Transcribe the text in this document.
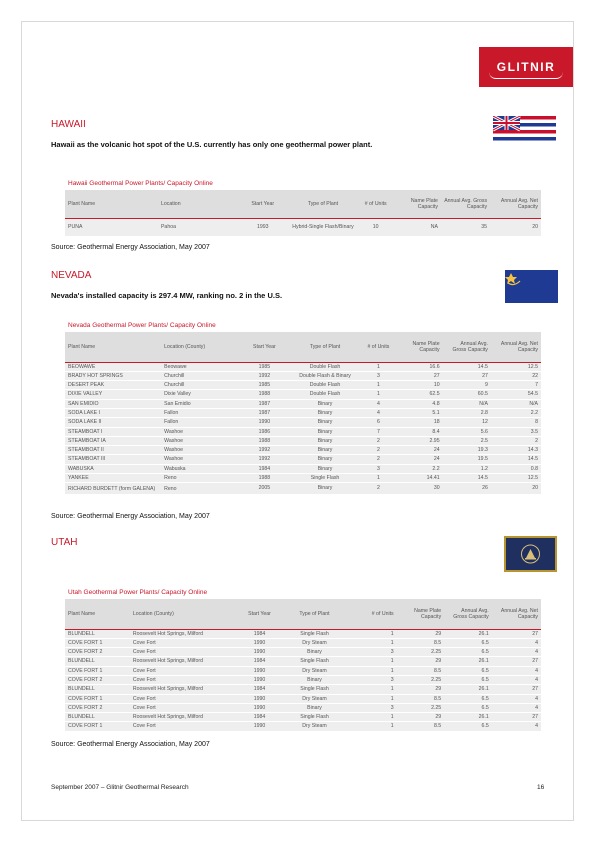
GLITNIR
HAWAII
Hawaii as the volcanic hot spot of the U.S. currently has only one geothermal power plant.
Hawaii Geothermal Power Plants/ Capacity Online
Plant Name	Location	Start Year	Type of Plant	# of Units	Name Plate Capacity	Annual Avg. Gross Capacity	Annual Avg. Net Capacity
PUNA	Pahoa	1993	Hybrid-Single Flash/Binary	10	NA	35	20
Source: Geothermal Energy Association, May 2007
NEVADA
Nevada's installed capacity is 297.4 MW, ranking no. 2 in the U.S.
Nevada Geothermal Power Plants/ Capacity Online
Plant Name	Location (County)	Start Year	Type of Plant	# of Units	Name Plate Capacity	Annual Avg. Gross Capacity	Annual Avg. Net Capacity
BEOWAWE	Beowawe	1985	Double Flash	1	16.6	14.5	12.5
BRADY HOT SPRINGS	Churchill	1992	Double Flash & Binary	3	27	27	22
DESERT PEAK	Churchill	1985	Double Flash	1	10	9	7
DIXIE VALLEY	Dixie Valley	1988	Double Flash	1	62.5	60.5	54.5
SAN EMIDIO	San Emidio	1987	Binary	4	4.8	N/A	N/A
SODA LAKE I	Fallon	1987	Binary	4	5.1	2.8	2.2
SODA LAKE II	Fallon	1990	Binary	6	18	12	8
STEAMBOAT I	Washoe	1986	Binary	7	8.4	5.6	3.5
STEAMBOAT IA	Washoe	1988	Binary	2	2.95	2.5	2
STEAMBOAT II	Washoe	1992	Binary	2	24	19.3	14.3
STEAMBOAT III	Washoe	1992	Binary	2	24	19.5	14.5
WABUSKA	Wabuska	1984	Binary	3	2.2	1.2	0.8
YANKEE	Reno	1988	Single Flash	1	14.41	14.5	12.5
RICHARD BURDETT (form GALENA)	Reno	2005	Binary	2	30	26	20
Source: Geothermal Energy Association, May 2007
UTAH
Utah Geothermal Power Plants/ Capacity Online
Plant Name	Location (County)	Start Year	Type of Plant	# of Units	Name Plate Capacity	Annual Avg. Gross Capacity	Annual Avg. Net Capacity
BLUNDELL	Roosevelt Hot Springs, Milford	1984	Single Flash	1	29	26.1	27
COVE FORT 1	Cove Fort	1990	Dry Steam	1	8.5	6.5	4
COVE FORT 2	Cove Fort	1990	Binary	3	2.25	6.5	4
BLUNDELL	Roosevelt Hot Springs, Milford	1984	Single Flash	1	29	26.1	27
COVE FORT 1	Cove Fort	1990	Dry Steam	1	8.5	6.5	4
COVE FORT 2	Cove Fort	1990	Binary	3	2.25	6.5	4
BLUNDELL	Roosevelt Hot Springs, Milford	1984	Single Flash	1	29	26.1	27
COVE FORT 1	Cove Fort	1990	Dry Steam	1	8.5	6.5	4
COVE FORT 2	Cove Fort	1990	Binary	3	2.25	6.5	4
BLUNDELL	Roosevelt Hot Springs, Milford	1984	Single Flash	1	29	26.1	27
COVE FORT 1	Cove Fort	1990	Dry Steam	1	8.5	6.5	4
Source: Geothermal Energy Association, May 2007
September 2007 – Glitnir Geothermal Research	16
